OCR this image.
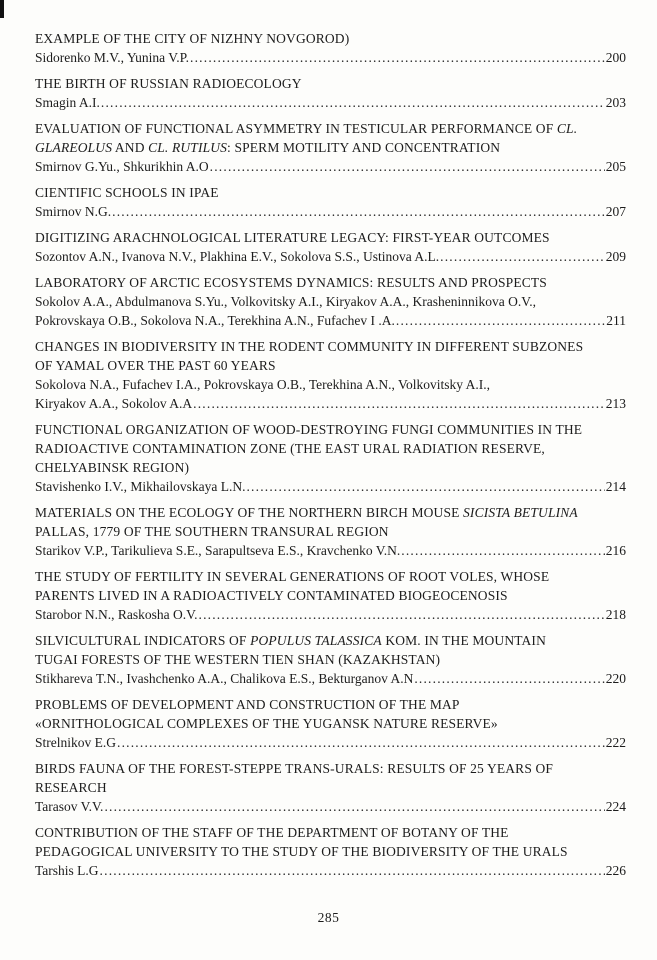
EXAMPLE OF THE CITY OF NIZHNY NOVGOROD)
Sidorenko M.V., Yunina V.P. .....	200
THE BIRTH OF RUSSIAN RADIOECOLOGY
Smagin A.I. .....	203
EVALUATION OF FUNCTIONAL ASYMMETRY IN TESTICULAR PERFORMANCE OF CL.
GLAREOLUS AND CL. RUTILUS: SPERM MOTILITY AND CONCENTRATION
Smirnov G.Yu., Shkurikhin A.O .....	205
CIENTIFIC SCHOOLS IN IPAE
Smirnov N.G. .....	207
DIGITIZING ARACHNOLOGICAL LITERATURE LEGACY: FIRST-YEAR OUTCOMES
Sozontov A.N., Ivanova N.V., Plakhina E.V., Sokolova S.S., Ustinova A.L. .....	209
LABORATORY OF ARCTIC ECOSYSTEMS DYNAMICS: RESULTS AND PROSPECTS
Sokolov A.A., Abdulmanova S.Yu., Volkovitsky A.I., Kiryakov A.A., Krasheninnikova O.V.,
Pokrovskaya O.B., Sokolova N.A., Terekhina A.N., Fufachev I .A. .....	211
CHANGES IN BIODIVERSITY IN THE RODENT COMMUNITY IN DIFFERENT SUBZONES
OF YAMAL OVER THE PAST 60 YEARS
Sokolova N.A., Fufachev I.A., Pokrovskaya O.B., Terekhina A.N., Volkovitsky A.I.,
Kiryakov A.A., Sokolov A.A .....	213
FUNCTIONAL ORGANIZATION OF WOOD-DESTROYING FUNGI COMMUNITIES IN THE
RADIOACTIVE CONTAMINATION ZONE (THE EAST URAL RADIATION RESERVE,
CHELYABINSK REGION)
Stavishenko I.V., Mikhailovskaya L.N. .....	214
MATERIALS ON THE ECOLOGY OF THE NORTHERN BIRCH MOUSE SICISTA BETULINA
PALLAS, 1779 OF THE SOUTHERN TRANSURAL REGION
Starikov V.P., Tarikulieva S.E., Sarapultseva E.S., Kravchenko V.N. .....	216
THE STUDY OF FERTILITY IN SEVERAL GENERATIONS OF ROOT VOLES, WHOSE
PARENTS LIVED IN A RADIOACTIVELY CONTAMINATED BIOGEOCENOSIS
Starobor N.N., Raskosha O.V. .....	218
SILVICULTURAL INDICATORS OF POPULUS TALASSICA KOM. IN THE MOUNTAIN
TUGAI FORESTS OF THE WESTERN TIEN SHAN (KAZAKHSTAN)
Stikhareva T.N., Ivashchenko A.A., Chalikova E.S., Bekturganov A.N .....	220
PROBLEMS OF DEVELOPMENT AND CONSTRUCTION OF THE MAP
«ORNITHOLOGICAL COMPLEXES OF THE YUGANSK NATURE RESERVE»
Strelnikov E.G .....	222
BIRDS FAUNA OF THE FOREST-STEPPE TRANS-URALS: RESULTS OF 25 YEARS OF
RESEARCH
Tarasov V.V. .....	224
CONTRIBUTION OF THE STAFF OF THE DEPARTMENT OF BOTANY OF THE
PEDAGOGICAL UNIVERSITY TO THE STUDY OF THE BIODIVERSITY OF THE URALS
Tarshis L.G .....	226
285
